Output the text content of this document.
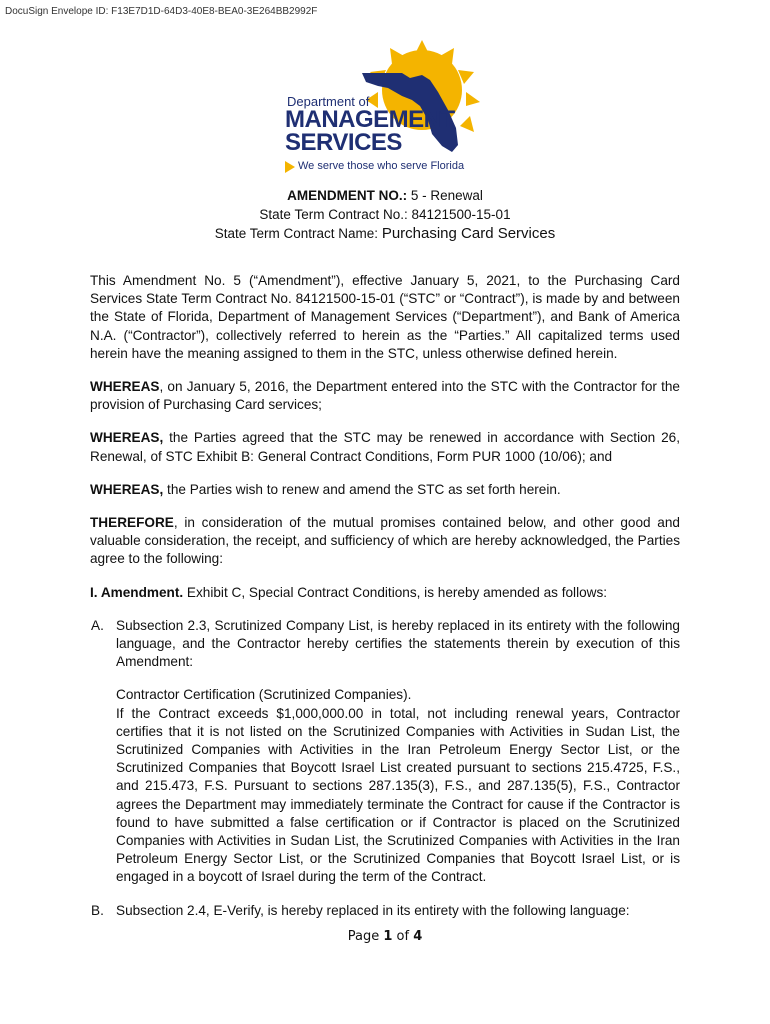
DocuSign Envelope ID: F13E7D1D-64D3-40E8-BEA0-3E264BB2992F
Department of
MANAGEMENT
SERVICES
We serve those who serve Florida
AMENDMENT NO.: 5 - Renewal
State Term Contract No.: 84121500-15-01
State Term Contract Name: Purchasing Card Services

This Amendment No. 5 (“Amendment”), effective January 5, 2021, to the Purchasing Card Services State Term Contract No. 84121500-15-01 (“STC” or “Contract”), is made by and between the State of Florida, Department of Management Services (“Department”), and Bank of America N.A. (“Contractor”), collectively referred to herein as the “Parties.” All capitalized terms used herein have the meaning assigned to them in the STC, unless otherwise defined herein.

WHEREAS, on January 5, 2016, the Department entered into the STC with the Contractor for the provision of Purchasing Card services;

WHEREAS, the Parties agreed that the STC may be renewed in accordance with Section 26, Renewal, of STC Exhibit B: General Contract Conditions, Form PUR 1000 (10/06); and

WHEREAS, the Parties wish to renew and amend the STC as set forth herein.

THEREFORE, in consideration of the mutual promises contained below, and other good and valuable consideration, the receipt, and sufficiency of which are hereby acknowledged, the Parties agree to the following:

I. Amendment. Exhibit C, Special Contract Conditions, is hereby amended as follows:

A. Subsection 2.3, Scrutinized Company List, is hereby replaced in its entirety with the following language, and the Contractor hereby certifies the statements therein by execution of this Amendment:

Contractor Certification (Scrutinized Companies).

If the Contract exceeds $1,000,000.00 in total, not including renewal years, Contractor certifies that it is not listed on the Scrutinized Companies with Activities in Sudan List, the Scrutinized Companies with Activities in the Iran Petroleum Energy Sector List, or the Scrutinized Companies that Boycott Israel List created pursuant to sections 215.4725, F.S., and 215.473, F.S. Pursuant to sections 287.135(3), F.S., and 287.135(5), F.S., Contractor agrees the Department may immediately terminate the Contract for cause if the Contractor is found to have submitted a false certification or if Contractor is placed on the Scrutinized Companies with Activities in Sudan List, the Scrutinized Companies with Activities in the Iran Petroleum Energy Sector List, or the Scrutinized Companies that Boycott Israel List, or is engaged in a boycott of Israel during the term of the Contract.

B. Subsection 2.4, E-Verify, is hereby replaced in its entirety with the following language:

Page 1 of 4
